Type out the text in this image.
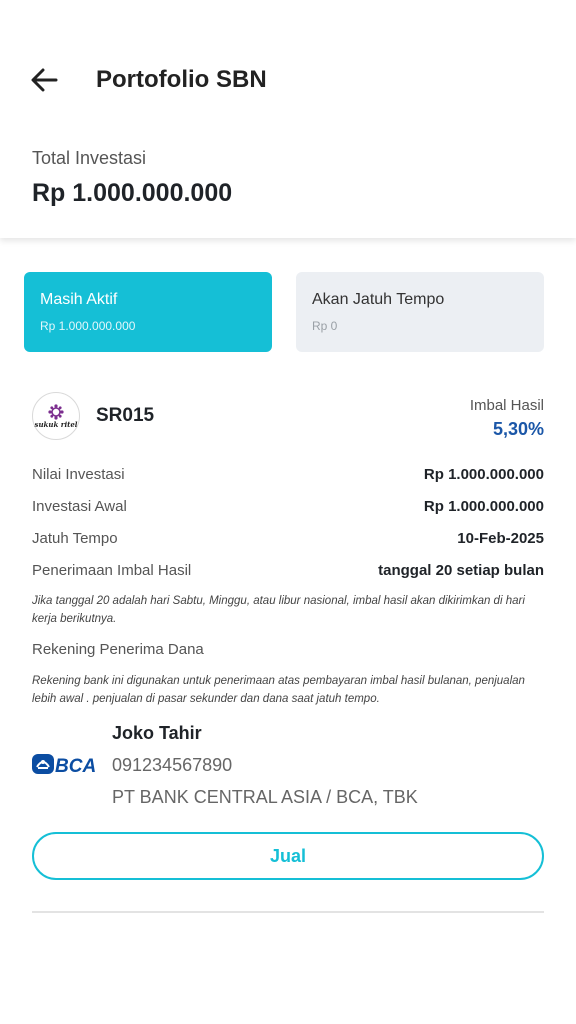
Portofolio SBN
Total Investasi
Rp 1.000.000.000
Masih Aktif
Rp 1.000.000.000
Akan Jatuh Tempo
Rp 0
sukuk ritel SR015	Imbal Hasil
5,30%
Nilai Investasi	Rp 1.000.000.000
Investasi Awal	Rp 1.000.000.000
Jatuh Tempo	10-Feb-2025
Penerimaan Imbal Hasil	tanggal 20 setiap bulan
Jika tanggal 20 adalah hari Sabtu, Minggu, atau libur nasional, imbal hasil akan dikirimkan di hari kerja berikutnya.
Rekening Penerima Dana
Rekening bank ini digunakan untuk penerimaan atas pembayaran imbal hasil bulanan, penjualan lebih awal . penjualan di pasar sekunder dan dana saat jatuh tempo.
BCA
Joko Tahir
091234567890
PT BANK CENTRAL ASIA / BCA, TBK
Jual
